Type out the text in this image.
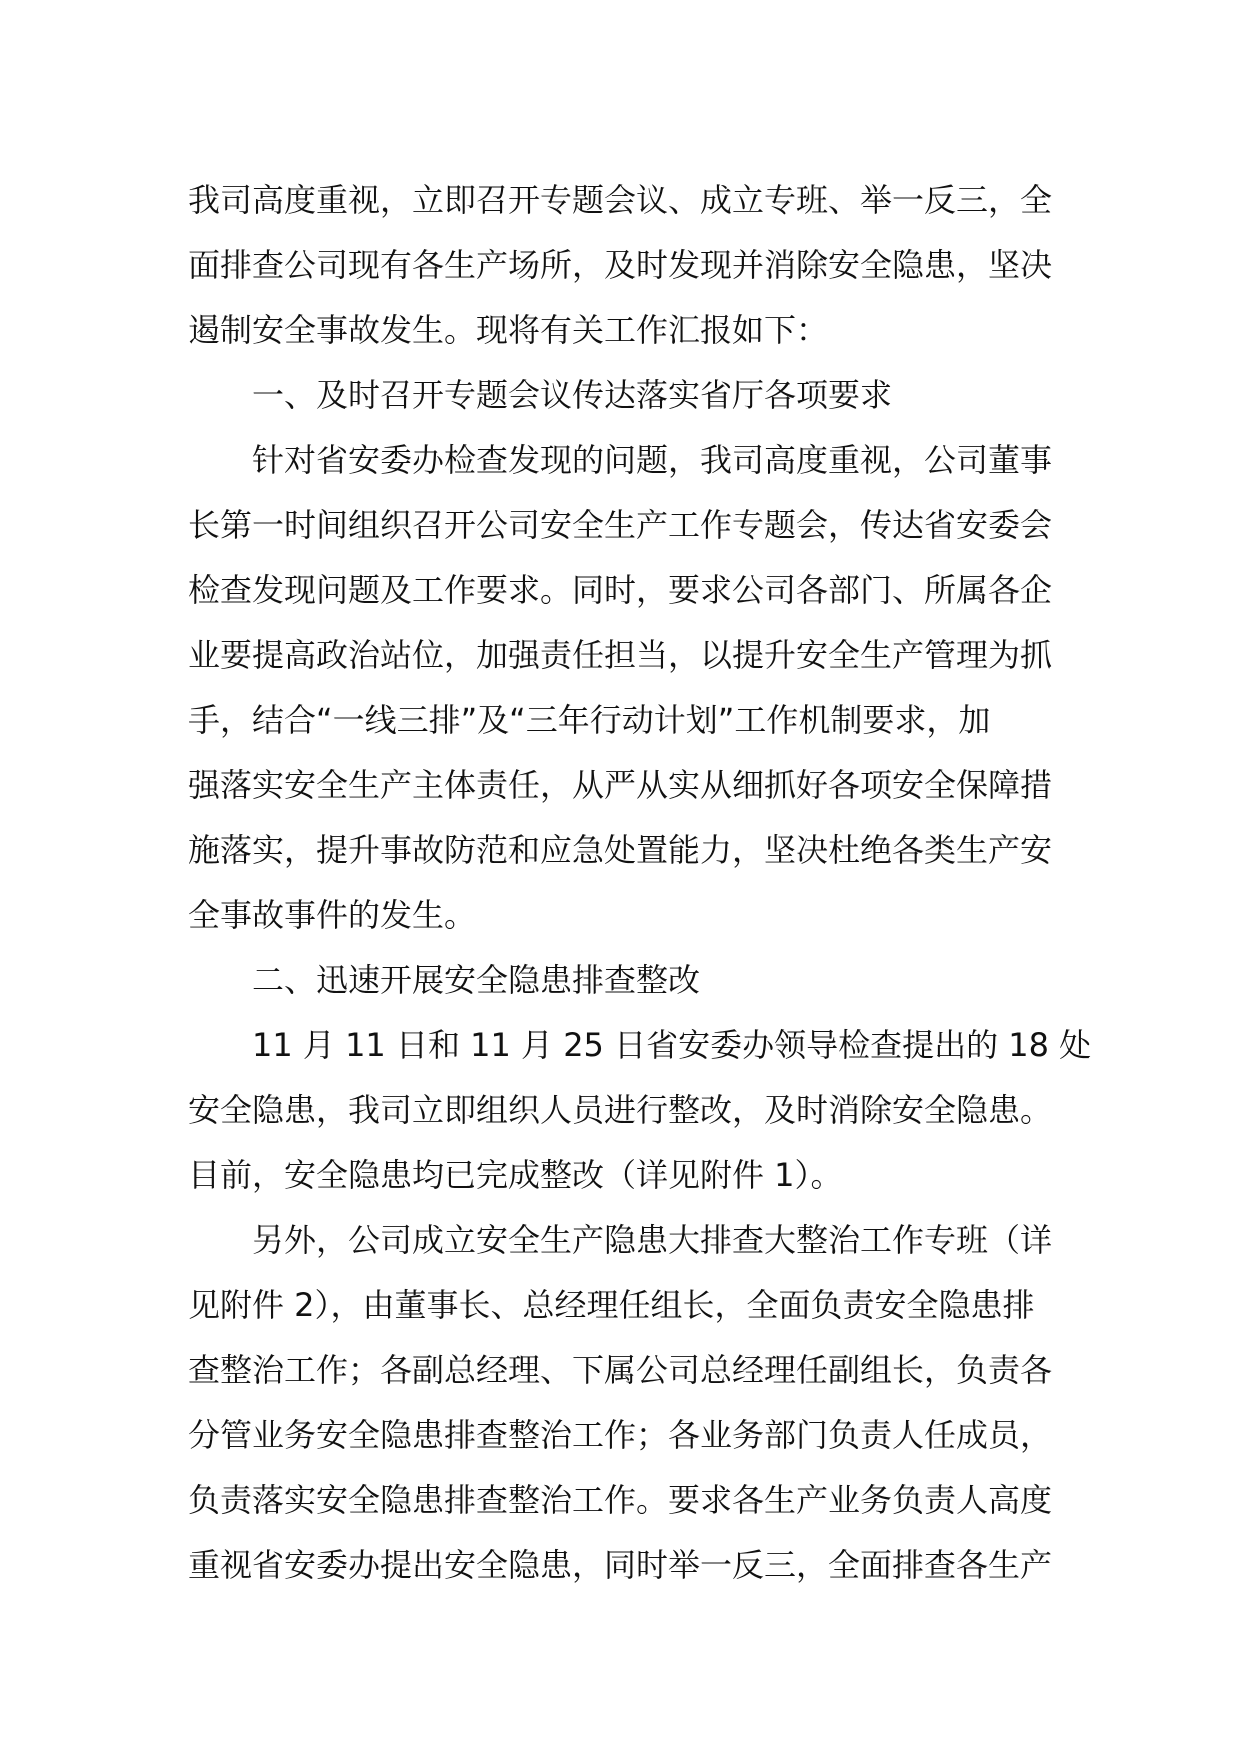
我司高度重视，立即召开专题会议、成立专班、举一反三，全
面排查公司现有各生产场所，及时发现并消除安全隐患，坚决
遏制安全事故发生。现将有关工作汇报如下：

一、及时召开专题会议传达落实省厅各项要求

针对省安委办检查发现的问题，我司高度重视，公司董事
长第一时间组织召开公司安全生产工作专题会，传达省安委会
检查发现问题及工作要求。同时，要求公司各部门、所属各企
业要提高政治站位，加强责任担当，以提升安全生产管理为抓
手，结合“一线三排”及“三年行动计划”工作机制要求，加
强落实安全生产主体责任，从严从实从细抓好各项安全保障措
施落实，提升事故防范和应急处置能力，坚决杜绝各类生产安
全事故事件的发生。

二、迅速开展安全隐患排查整改

11 月 11 日和 11 月 25 日省安委办领导检查提出的 18 处
安全隐患，我司立即组织人员进行整改，及时消除安全隐患。
目前，安全隐患均已完成整改（详见附件 1）。

另外，公司成立安全生产隐患大排查大整治工作专班（详
见附件 2），由董事长、总经理任组长，全面负责安全隐患排
查整治工作；各副总经理、下属公司总经理任副组长，负责各
分管业务安全隐患排查整治工作；各业务部门负责人任成员，
负责落实安全隐患排查整治工作。要求各生产业务负责人高度
重视省安委办提出安全隐患，同时举一反三，全面排查各生产
